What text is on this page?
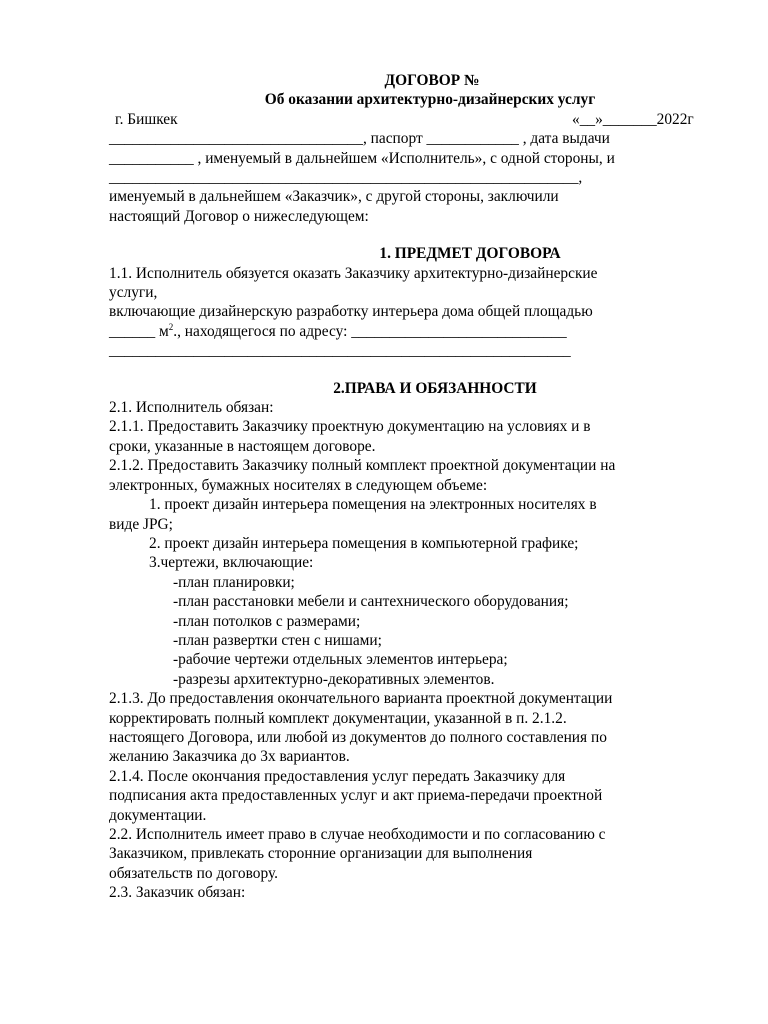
ДОГОВОР №
Об оказании архитектурно-дизайнерских услуг
г. Бишкек	«__»_______2022г
_________________________________, паспорт ____________ , дата выдачи
___________ , именуемый в дальнейшем «Исполнитель», с одной стороны, и
_____________________________________________________________,
именуемый в дальнейшем «Заказчик», с другой стороны, заключили
настоящий Договор о нижеследующем:
1. ПРЕДМЕТ ДОГОВОРА
1.1. Исполнитель обязуется оказать Заказчику архитектурно-дизайнерские
услуги,
включающие дизайнерскую разработку интерьера дома общей площадью
______ $м^2$., находящегося по адресу: ____________________________
____________________________________________________________
2.ПРАВА И ОБЯЗАННОСТИ
2.1. Исполнитель обязан:
2.1.1. Предоставить Заказчику проектную документацию на условиях и в
сроки, указанные в настоящем договоре.
2.1.2. Предоставить Заказчику полный комплект проектной документации на
электронных, бумажных носителях в следующем объеме:
1. проект дизайн интерьера помещения на электронных носителях в
виде JPG;
2. проект дизайн интерьера помещения в компьютерной графике;
3.чертежи, включающие:
-план планировки;
-план расстановки мебели и сантехнического оборудования;
-план потолков с размерами;
-план развертки стен с нишами;
-рабочие чертежи отдельных элементов интерьера;
-разрезы архитектурно-декоративных элементов.
2.1.3. До предоставления окончательного варианта проектной документации
корректировать полный комплект документации, указанной в п. 2.1.2.
настоящего Договора, или любой из документов до полного составления по
желанию Заказчика до 3х вариантов.
2.1.4. После окончания предоставления услуг передать Заказчику для
подписания акта предоставленных услуг и акт приема-передачи проектной
документации.
2.2. Исполнитель имеет право в случае необходимости и по согласованию с
Заказчиком, привлекать сторонние организации для выполнения
обязательств по договору.
2.3. Заказчик обязан:
